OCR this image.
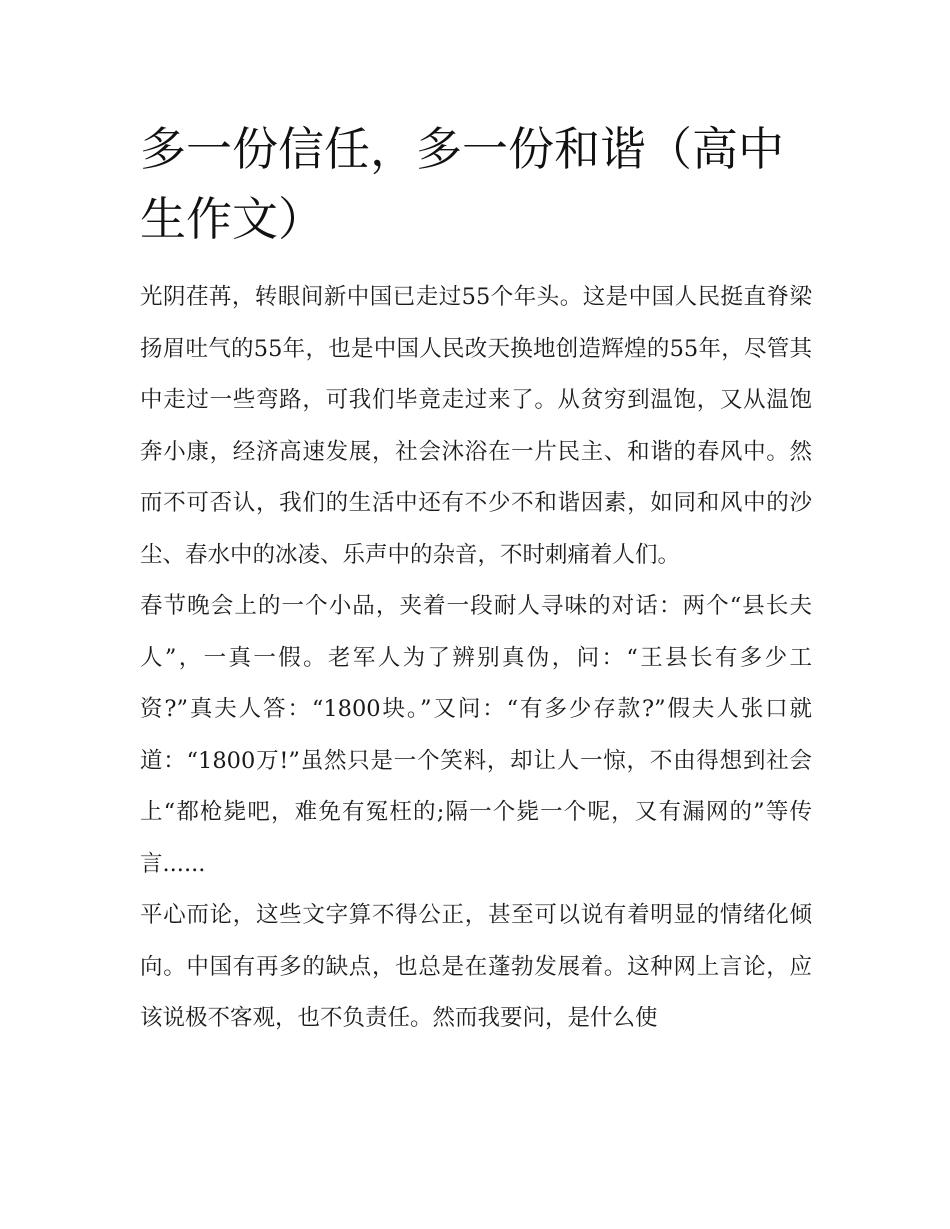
多一份信任，多一份和谐（高中生作文）

光阴荏苒，转眼间新中国已走过55个年头。这是中国人民挺直脊梁扬眉吐气的55年，也是中国人民改天换地创造辉煌的55年，尽管其中走过一些弯路，可我们毕竟走过来了。从贫穷到温饱，又从温饱奔小康，经济高速发展，社会沐浴在一片民主、和谐的春风中。然而不可否认，我们的生活中还有不少不和谐因素，如同和风中的沙尘、春水中的冰凌、乐声中的杂音，不时刺痛着人们。

春节晚会上的一个小品，夹着一段耐人寻味的对话：两个“县长夫人”，一真一假。老军人为了辨别真伪，问：“王县长有多少工资?”真夫人答：“1800块。”又问：“有多少存款?”假夫人张口就道：“1800万!”虽然只是一个笑料，却让人一惊，不由得想到社会上“都枪毙吧，难免有冤枉的;隔一个毙一个呢，又有漏网的”等传言......

平心而论，这些文字算不得公正，甚至可以说有着明显的情绪化倾向。中国有再多的缺点，也总是在蓬勃发展着。这种网上言论，应该说极不客观，也不负责任。然而我要问，是什么使
